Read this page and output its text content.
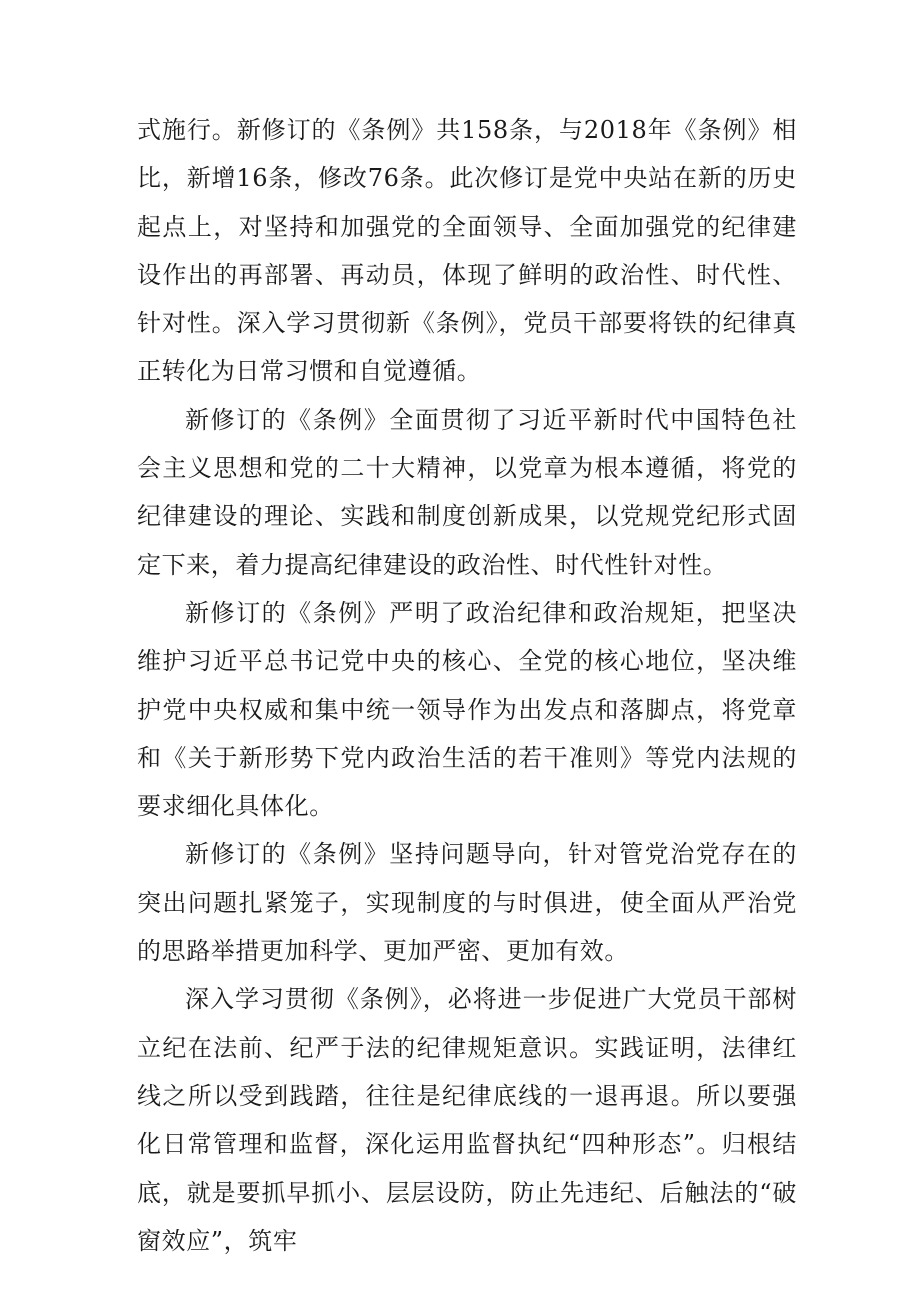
式施行。新修订的《条例》共158条，与2018年《条例》相比，新增16条，修改76条。此次修订是党中央站在新的历史起点上，对坚持和加强党的全面领导、全面加强党的纪律建设作出的再部署、再动员，体现了鲜明的政治性、时代性、针对性。深入学习贯彻新《条例》，党员干部要将铁的纪律真正转化为日常习惯和自觉遵循。

新修订的《条例》全面贯彻了习近平新时代中国特色社会主义思想和党的二十大精神，以党章为根本遵循，将党的纪律建设的理论、实践和制度创新成果，以党规党纪形式固定下来，着力提高纪律建设的政治性、时代性针对性。

新修订的《条例》严明了政治纪律和政治规矩，把坚决维护习近平总书记党中央的核心、全党的核心地位，坚决维护党中央权威和集中统一领导作为出发点和落脚点，将党章和《关于新形势下党内政治生活的若干准则》等党内法规的要求细化具体化。

新修订的《条例》坚持问题导向，针对管党治党存在的突出问题扎紧笼子，实现制度的与时俱进，使全面从严治党的思路举措更加科学、更加严密、更加有效。

深入学习贯彻《条例》，必将进一步促进广大党员干部树立纪在法前、纪严于法的纪律规矩意识。实践证明，法律红线之所以受到践踏，往往是纪律底线的一退再退。所以要强化日常管理和监督，深化运用监督执纪“四种形态”。归根结底，就是要抓早抓小、层层设防，防止先违纪、后触法的“破窗效应”，筑牢
